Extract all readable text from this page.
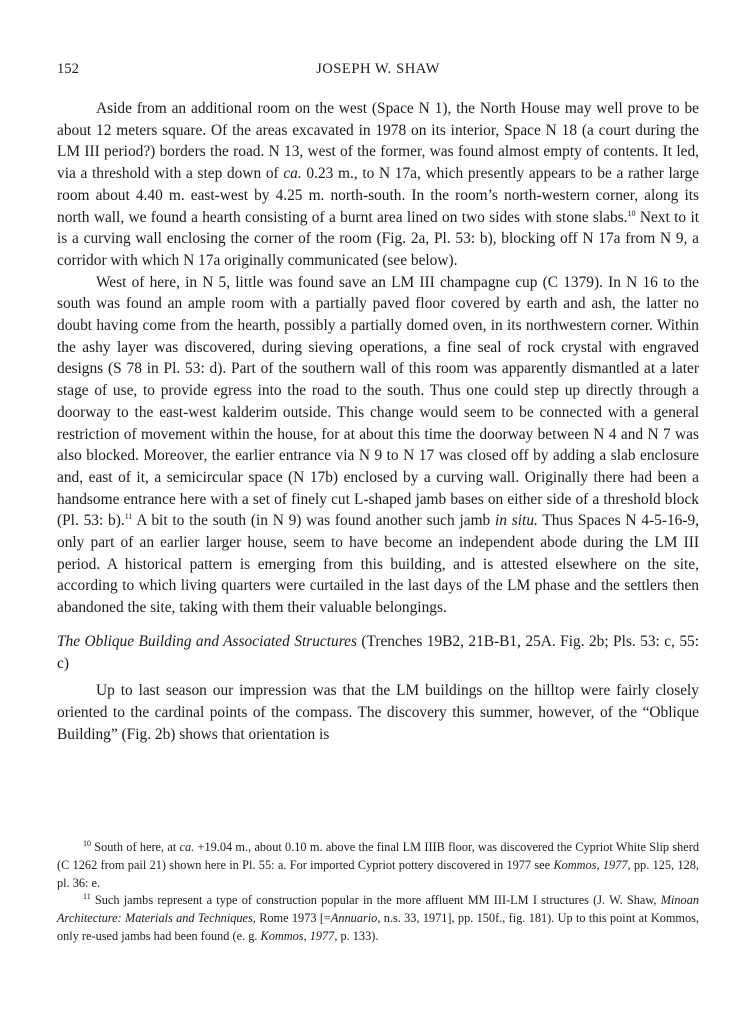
152	JOSEPH W. SHAW

Aside from an additional room on the west (Space N 1), the North House may well prove to be about 12 meters square. Of the areas excavated in 1978 on its interior, Space N 18 (a court during the LM III period?) borders the road. N 13, west of the former, was found almost empty of contents. It led, via a threshold with a step down of ca. 0.23 m., to N 17a, which presently appears to be a rather large room about 4.40 m. east-west by 4.25 m. north-south. In the room’s north-western corner, along its north wall, we found a hearth consisting of a burnt area lined on two sides with stone slabs.$^{10}$ Next to it is a curving wall enclosing the corner of the room (Fig. 2a, Pl. 53: b), blocking off N 17a from N 9, a corridor with which N 17a originally communicated (see below).

West of here, in N 5, little was found save an LM III champagne cup (C 1379). In N 16 to the south was found an ample room with a partially paved floor covered by earth and ash, the latter no doubt having come from the hearth, possibly a partially domed oven, in its northwestern corner. Within the ashy layer was discovered, during sieving operations, a fine seal of rock crystal with engraved designs (S 78 in Pl. 53: d). Part of the southern wall of this room was apparently dismantled at a later stage of use, to provide egress into the road to the south. Thus one could step up directly through a doorway to the east-west kalderim outside. This change would seem to be connected with a general restriction of movement within the house, for at about this time the doorway between N 4 and N 7 was also blocked. Moreover, the earlier entrance via N 9 to N 17 was closed off by adding a slab enclosure and, east of it, a semicircular space (N 17b) enclosed by a curving wall. Originally there had been a handsome entrance here with a set of finely cut L-shaped jamb bases on either side of a threshold block (Pl. 53: b).$^{11}$ A bit to the south (in N 9) was found another such jamb in situ. Thus Spaces N 4-5-16-9, only part of an earlier larger house, seem to have become an independent abode during the LM III period. A historical pattern is emerging from this building, and is attested elsewhere on the site, according to which living quarters were curtailed in the last days of the LM phase and the settlers then abandoned the site, taking with them their valuable belongings.

The Oblique Building and Associated Structures (Trenches 19B2, 21B-B1, 25A. Fig. 2b; Pls. 53: c, 55: c)

Up to last season our impression was that the LM buildings on the hilltop were fairly closely oriented to the cardinal points of the compass. The discovery this summer, however, of the “Oblique Building” (Fig. 2b) shows that orientation is

$^{10}$ South of here, at ca. +19.04 m., about 0.10 m. above the final LM IIIB floor, was discovered the Cypriot White Slip sherd (C 1262 from pail 21) shown here in Pl. 55: a. For imported Cypriot pottery discovered in 1977 see Kommos, 1977, pp. 125, 128, pl. 36: e.

$^{11}$ Such jambs represent a type of construction popular in the more affluent MM III-LM I structures (J. W. Shaw, Minoan Architecture: Materials and Techniques, Rome 1973 [=Annuario, n.s. 33, 1971], pp. 150f., fig. 181). Up to this point at Kommos, only re-used jambs had been found (e. g. Kommos, 1977, p. 133).
